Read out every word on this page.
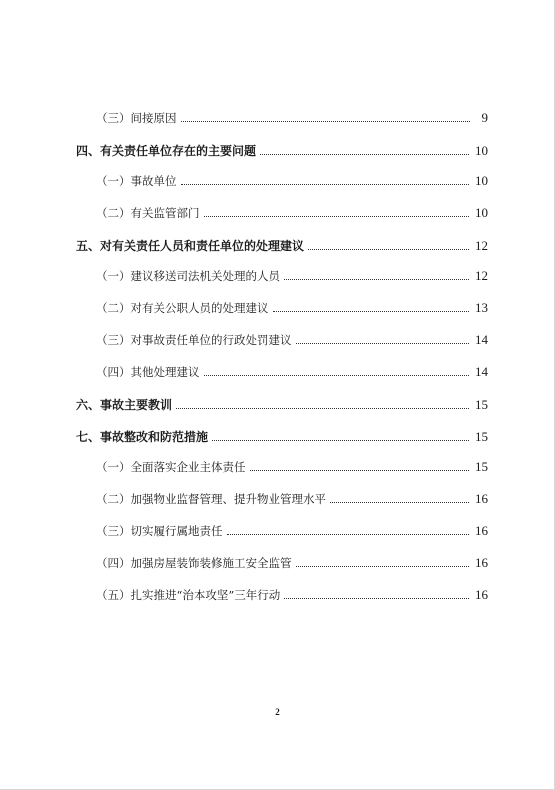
（三）间接原因	9
四、有关责任单位存在的主要问题	10
（一）事故单位	10
（二）有关监管部门	10
五、对有关责任人员和责任单位的处理建议	12
（一）建议移送司法机关处理的人员	12
（二）对有关公职人员的处理建议	13
（三）对事故责任单位的行政处罚建议	14
（四）其他处理建议	14
六、事故主要教训	15
七、事故整改和防范措施	15
（一）全面落实企业主体责任	15
（二）加强物业监督管理、提升物业管理水平	16
（三）切实履行属地责任	16
（四）加强房屋装饰装修施工安全监管	16
（五）扎实推进“治本攻坚”三年行动	16
2
